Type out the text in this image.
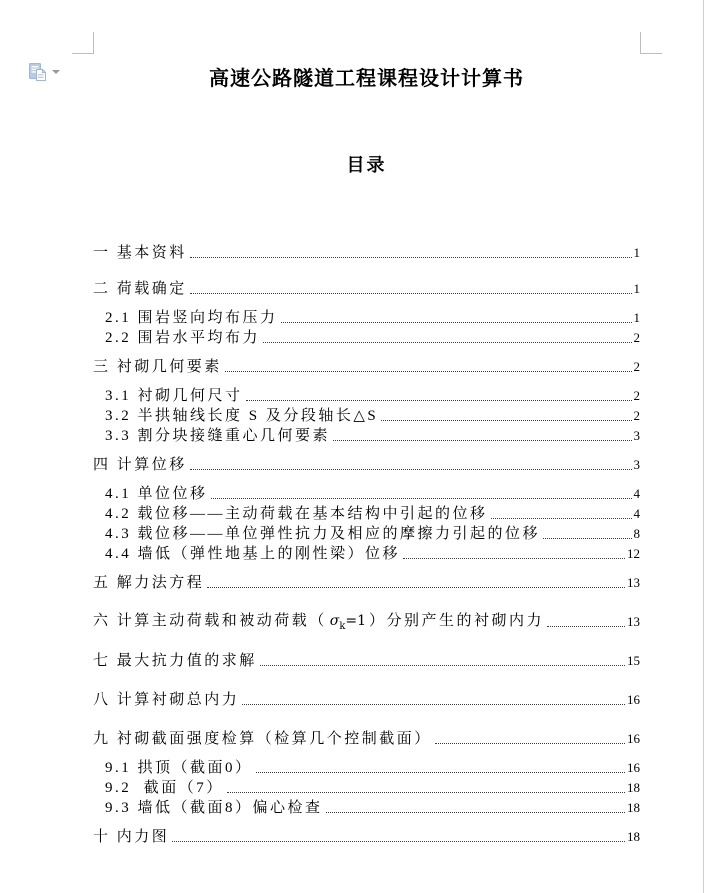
高速公路隧道工程课程设计计算书
目录
一 基本资料	1
二 荷载确定	1
2.1 围岩竖向均布压力	1
2.2 围岩水平均布力	2
三 衬砌几何要素	2
3.1 衬砌几何尺寸	2
3.2 半拱轴线长度 S 及分段轴长△S	2
3.3 割分块接缝重心几何要素	3
四 计算位移	3
4.1 单位位移	4
4.2 载位移——主动荷载在基本结构中引起的位移	4
4.3 载位移——单位弹性抗力及相应的摩擦力引起的位移	8
4.4 墙低（弹性地基上的刚性梁）位移	12
五 解力法方程	13
六 计算主动荷载和被动荷载（ $\sigma_k=1$ ）分别产生的衬砌内力	13
七 最大抗力值的求解	15
八 计算衬砌总内力	16
九 衬砌截面强度检算（检算几个控制截面）	16
9.1 拱顶（截面0）	16
9.2  截面（7）	18
9.3 墙低（截面8）偏心检查	18
十 内力图	18
